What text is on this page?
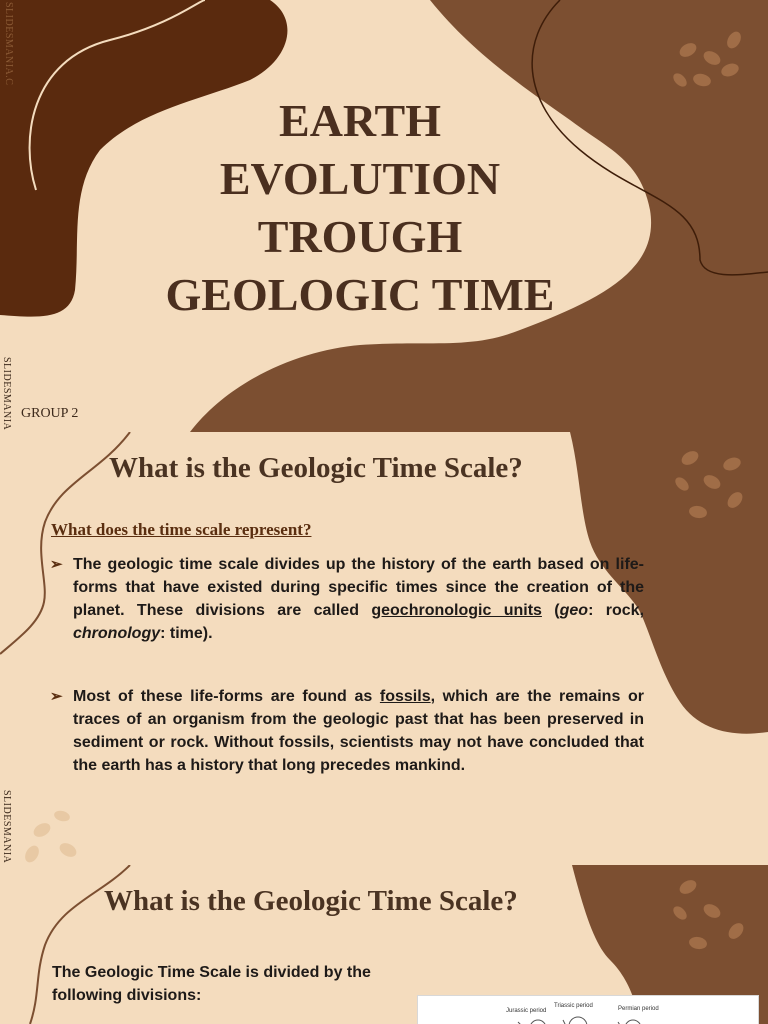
SLIDESMANIA.C
EARTH
EVOLUTION
TROUGH
GEOLOGIC TIME
GROUP 2
SLIDESMANIA
What is the Geologic Time Scale?
What does the time scale represent?
➢ The geologic time scale divides up the history of the earth based on life-forms that have existed during specific times since the creation of the planet. These divisions are called geochronologic units (geo: rock, chronology: time).
➢ Most of these life-forms are found as fossils, which are the remains or traces of an organism from the geologic past that has been preserved in sediment or rock. Without fossils, scientists may not have concluded that the earth has a history that long precedes mankind.
SLIDESMANIA
What is the Geologic Time Scale?
The Geologic Time Scale is divided by the following divisions:
Jurassic period
Triassic period	Permian period
